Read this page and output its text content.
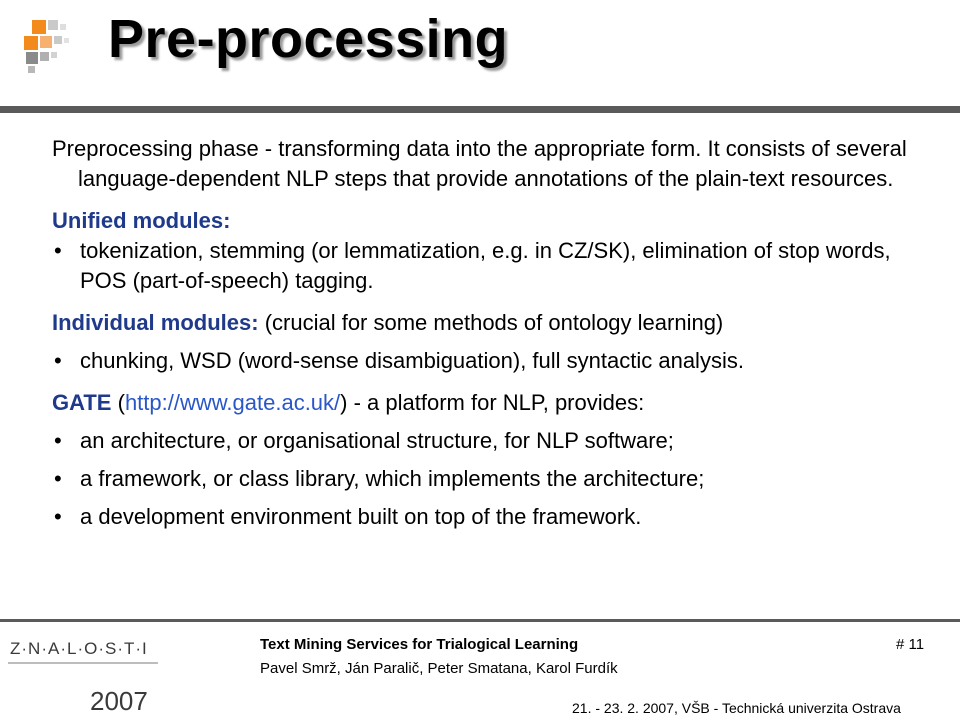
Pre-processing

Preprocessing phase - transforming data into the appropriate form. It consists of several language-dependent NLP steps that provide annotations of the plain-text resources.

Unified modules:
• tokenization, stemming (or lemmatization, e.g. in CZ/SK), elimination of stop words, POS (part-of-speech) tagging.
Individual modules: (crucial for some methods of ontology learning)
• chunking, WSD (word-sense disambiguation), full syntactic analysis.
GATE (http://www.gate.ac.uk/) - a platform for NLP, provides:
• an architecture, or organisational structure, for NLP software;
• a framework, or class library, which implements the architecture;
• a development environment built on top of the framework.
Z·N·A·L·O·S·T·I
2007
Text Mining Services for Trialogical Learning
Pavel Smrž, Ján Paralič, Peter Smatana, Karol Furdík
# 11
21. - 23. 2. 2007, VŠB - Technická univerzita Ostrava
